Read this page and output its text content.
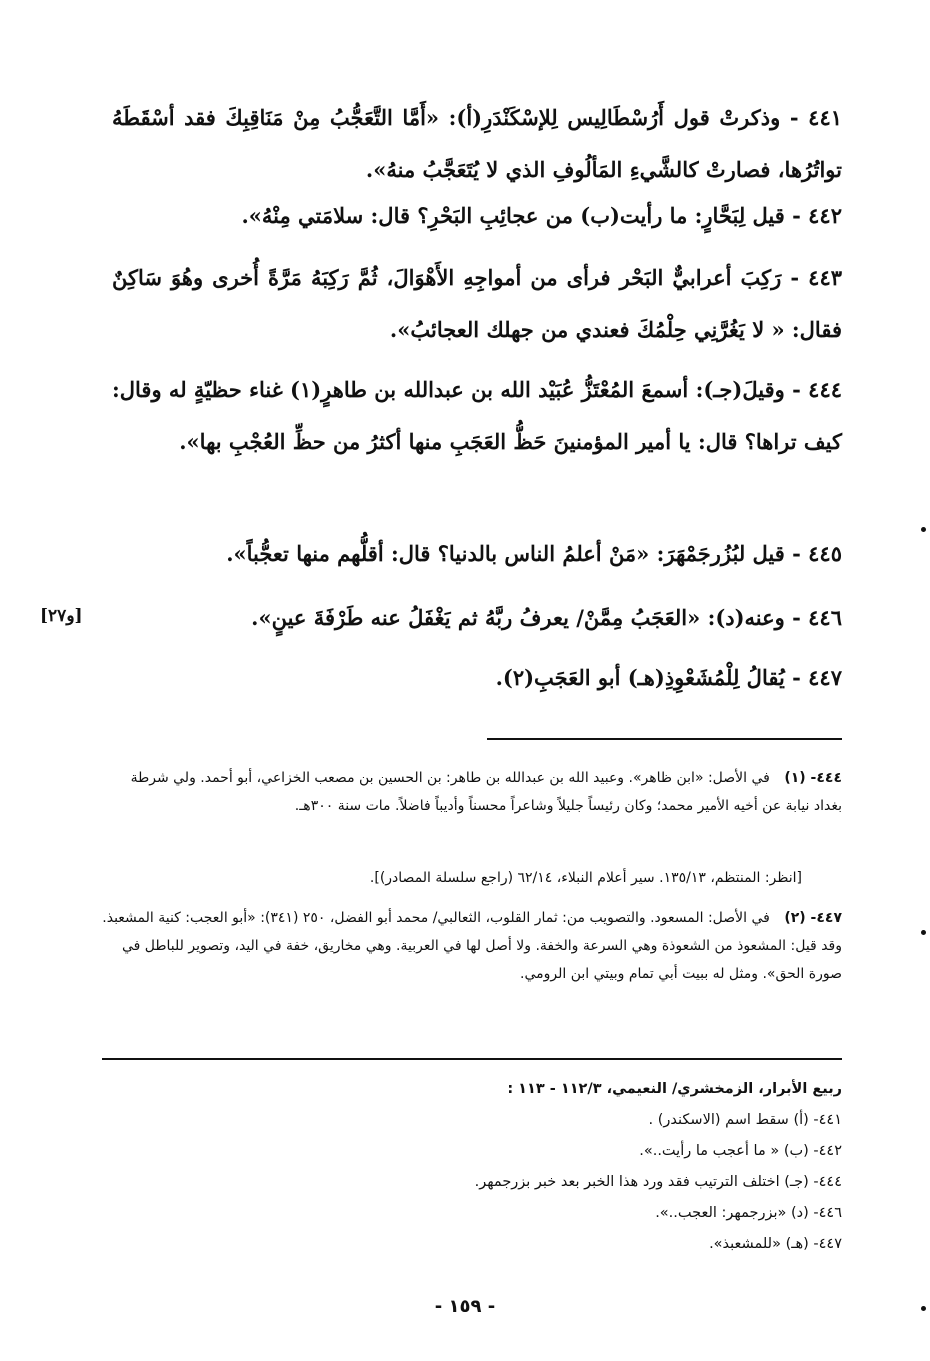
٤٤١ - وذكرتْ قول أَرُسْطَالِيس لِلإسْكَنْدَرِ(أ): «أَمَّا التَّعَجُّبُ مِنْ مَنَاقِبِكَ فقد أسْقَطَهُ تواتُرُها، فصارتْ كالشَّيءِ المَألُوفِ الذي لا يُتَعَجَّبُ منهُ».
٤٤٢ - قيل لِبَحَّارٍ: ما رأيت(ب) من عجائِبِ البَحْرِ؟ قال: سلامَتي مِنْهُ».
٤٤٣ - رَكِبَ أعرابيٌّ البَحْر فرأى من أمواجِهِ الأَهْوَالَ، ثُمَّ رَكِبَهُ مَرَّةً أُخرى وهُوَ سَاكِنٌ فقال: « لا يَغُرَّنِي حِلْمُكَ فعندي من جهلك العجائبُ».
٤٤٤ - وقيلَ(جـ): أسمعَ المُعْتَزُّ عُبَيْد الله بن عبدالله بن طاهرٍ(١) غناء حظيّةٍ له وقال: كيف تراها؟ قال: يا أمير المؤمنينَ حَظُّ العَجَبِ منها أكثرُ من حظِّ العُجْبِ بها».
٤٤٥ - قيل لبُزُرجَمْهَرَ: «مَنْ أعلمُ الناس بالدنيا؟ قال: أقلُّهم منها تعجُّباً».
٤٤٦ - وعنه(د): «العَجَبُ مِمَّنْ/ يعرفُ ربَّهُ ثم يَغْفَلُ عنه طَرْفَةَ عينٍ».
٤٤٧ - يُقالُ لِلْمُشَعْوِذِ(هـ) أبو العَجَبِ(٢).
[و٢٧]
٤٤٤- (١) في الأصل: «ابن ظاهر». وعبيد الله بن عبدالله بن طاهر: بن الحسين بن مصعب الخزاعي، أبو أحمد. ولي شرطة بغداد نيابة عن أخيه الأمير محمد؛ وكان رئيساً جليلاً وشاعراً محسناً وأديباً فاضلاً. مات سنة ٣٠٠هـ.
[انظر: المنتظم، ١٣٥/١٣. سير أعلام النبلاء، ٦٢/١٤ (راجع سلسلة المصادر)].
٤٤٧- (٢) في الأصل: المسعود. والتصويب من: ثمار القلوب، الثعالبي/ محمد أبو الفضل، ٢٥٠ (٣٤١): «أبو العجب: كنية المشعبذ. وقد قيل: المشعوذ من الشعوذة وهي السرعة والخفة. ولا أصل لها في العربية. وهي مخاريق، خفة في اليد، وتصوير للباطل في صورة الحق». ومثل له ببيت أبي تمام وبيتي ابن الرومي.
ربيع الأبرار، الزمخشري/ النعيمي، ١١٢/٣ - ١١٣ :
٤٤١- (أ) سقط اسم (الاسكندر) .
٤٤٢- (ب) « ما أعجب ما رأيت..».
٤٤٤- (جـ) اختلف الترتيب فقد ورد هذا الخبر بعد خبر بزرجمهر.
٤٤٦- (د) «بزرجمهر: العجب..».
٤٤٧- (هـ) «للمشعبذ».
- ١٥٩ -
